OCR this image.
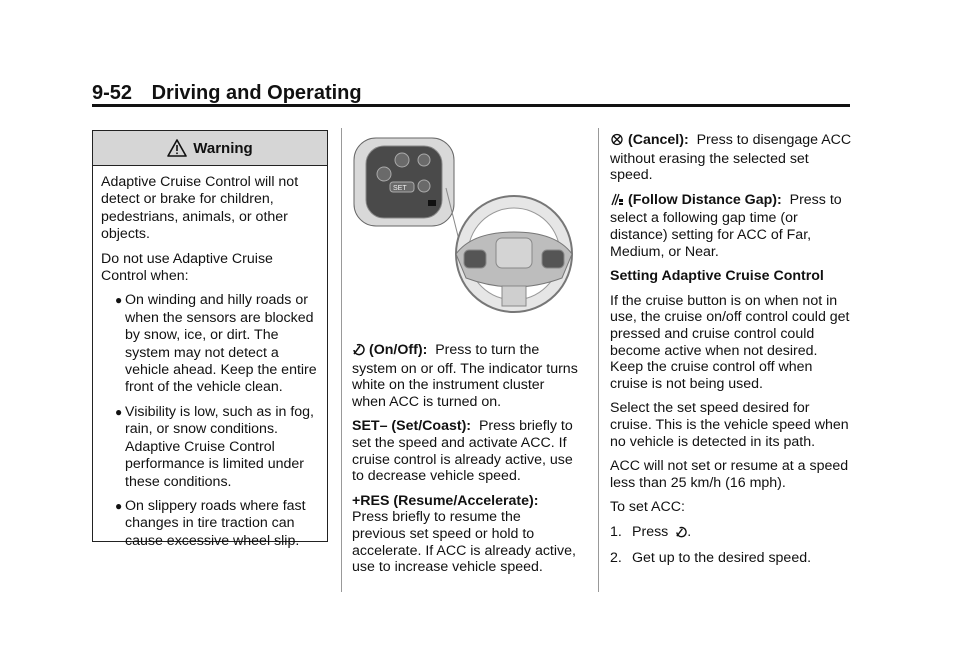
9-52 Driving and Operating
Warning

Adaptive Cruise Control will not detect or brake for children, pedestrians, animals, or other objects.

Do not use Adaptive Cruise Control when:

● On winding and hilly roads or when the sensors are blocked by snow, ice, or dirt. The system may not detect a vehicle ahead. Keep the entire front of the vehicle clean.
● Visibility is low, such as in fog, rain, or snow conditions. Adaptive Cruise Control performance is limited under these conditions.
● On slippery roads where fast changes in tire traction can cause excessive wheel slip.
SET

(On/Off): Press to turn the system on or off. The indicator turns white on the instrument cluster when ACC is turned on.

SET– (Set/Coast): Press briefly to set the speed and activate ACC. If cruise control is already active, use to decrease vehicle speed.

+RES (Resume/Accelerate):
Press briefly to resume the previous set speed or hold to accelerate. If ACC is already active, use to increase vehicle speed.

(Cancel): Press to disengage ACC without erasing the selected set speed.

(Follow Distance Gap): Press to select a following gap time (or distance) setting for ACC of Far, Medium, or Near.

Setting Adaptive Cruise Control

If the cruise button is on when not in use, the cruise on/off control could get pressed and cruise control could become active when not desired. Keep the cruise control off when cruise is not being used.

Select the set speed desired for cruise. This is the vehicle speed when no vehicle is detected in its path.

ACC will not set or resume at a speed less than 25 km/h (16 mph).

To set ACC:

1. Press .
2. Get up to the desired speed.
